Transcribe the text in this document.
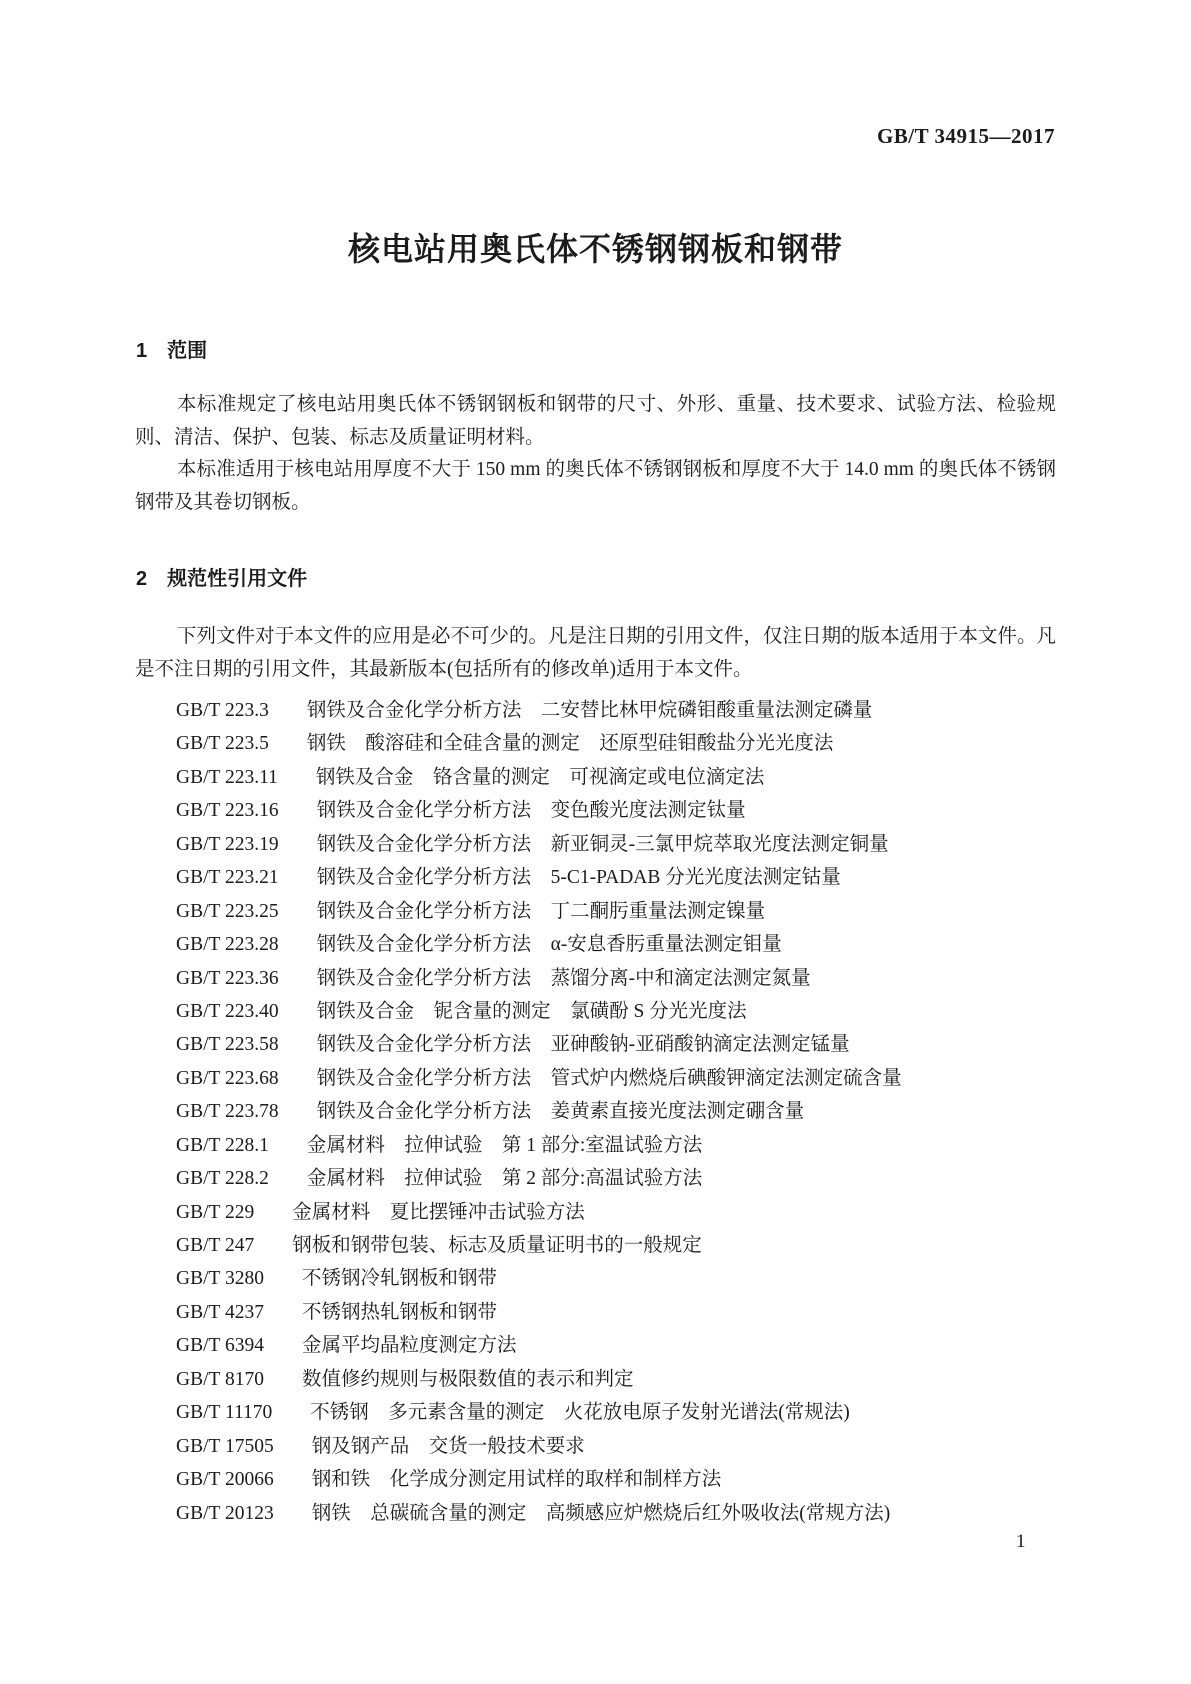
GB/T 34915—2017
核电站用奥氏体不锈钢钢板和钢带
1 范围

本标准规定了核电站用奥氏体不锈钢钢板和钢带的尺寸、外形、重量、技术要求、试验方法、检验规则、清洁、保护、包装、标志及质量证明材料。

本标准适用于核电站用厚度不大于 150 mm 的奥氏体不锈钢钢板和厚度不大于 14.0 mm 的奥氏体不锈钢钢带及其卷切钢板。

2 规范性引用文件

下列文件对于本文件的应用是必不可少的。凡是注日期的引用文件，仅注日期的版本适用于本文件。凡是不注日期的引用文件，其最新版本(包括所有的修改单)适用于本文件。

GB/T 223.3 钢铁及合金化学分析方法　二安替比林甲烷磷钼酸重量法测定磷量
GB/T 223.5 钢铁　酸溶硅和全硅含量的测定　还原型硅钼酸盐分光光度法
GB/T 223.11 钢铁及合金　铬含量的测定　可视滴定或电位滴定法
GB/T 223.16 钢铁及合金化学分析方法　变色酸光度法测定钛量
GB/T 223.19 钢铁及合金化学分析方法　新亚铜灵-三氯甲烷萃取光度法测定铜量
GB/T 223.21 钢铁及合金化学分析方法　5-C1-PADAB 分光光度法测定钴量
GB/T 223.25 钢铁及合金化学分析方法　丁二酮肟重量法测定镍量
GB/T 223.28 钢铁及合金化学分析方法　α-安息香肟重量法测定钼量
GB/T 223.36 钢铁及合金化学分析方法　蒸馏分离-中和滴定法测定氮量
GB/T 223.40 钢铁及合金　铌含量的测定　氯磺酚 S 分光光度法
GB/T 223.58 钢铁及合金化学分析方法　亚砷酸钠-亚硝酸钠滴定法测定锰量
GB/T 223.68 钢铁及合金化学分析方法　管式炉内燃烧后碘酸钾滴定法测定硫含量
GB/T 223.78 钢铁及合金化学分析方法　姜黄素直接光度法测定硼含量
GB/T 228.1 金属材料　拉伸试验　第 1 部分:室温试验方法
GB/T 228.2 金属材料　拉伸试验　第 2 部分:高温试验方法
GB/T 229 金属材料　夏比摆锤冲击试验方法
GB/T 247 钢板和钢带包装、标志及质量证明书的一般规定
GB/T 3280 不锈钢冷轧钢板和钢带
GB/T 4237 不锈钢热轧钢板和钢带
GB/T 6394 金属平均晶粒度测定方法
GB/T 8170 数值修约规则与极限数值的表示和判定
GB/T 11170 不锈钢　多元素含量的测定　火花放电原子发射光谱法(常规法)
GB/T 17505 钢及钢产品　交货一般技术要求
GB/T 20066 钢和铁　化学成分测定用试样的取样和制样方法
GB/T 20123 钢铁　总碳硫含量的测定　高频感应炉燃烧后红外吸收法(常规方法)
1
